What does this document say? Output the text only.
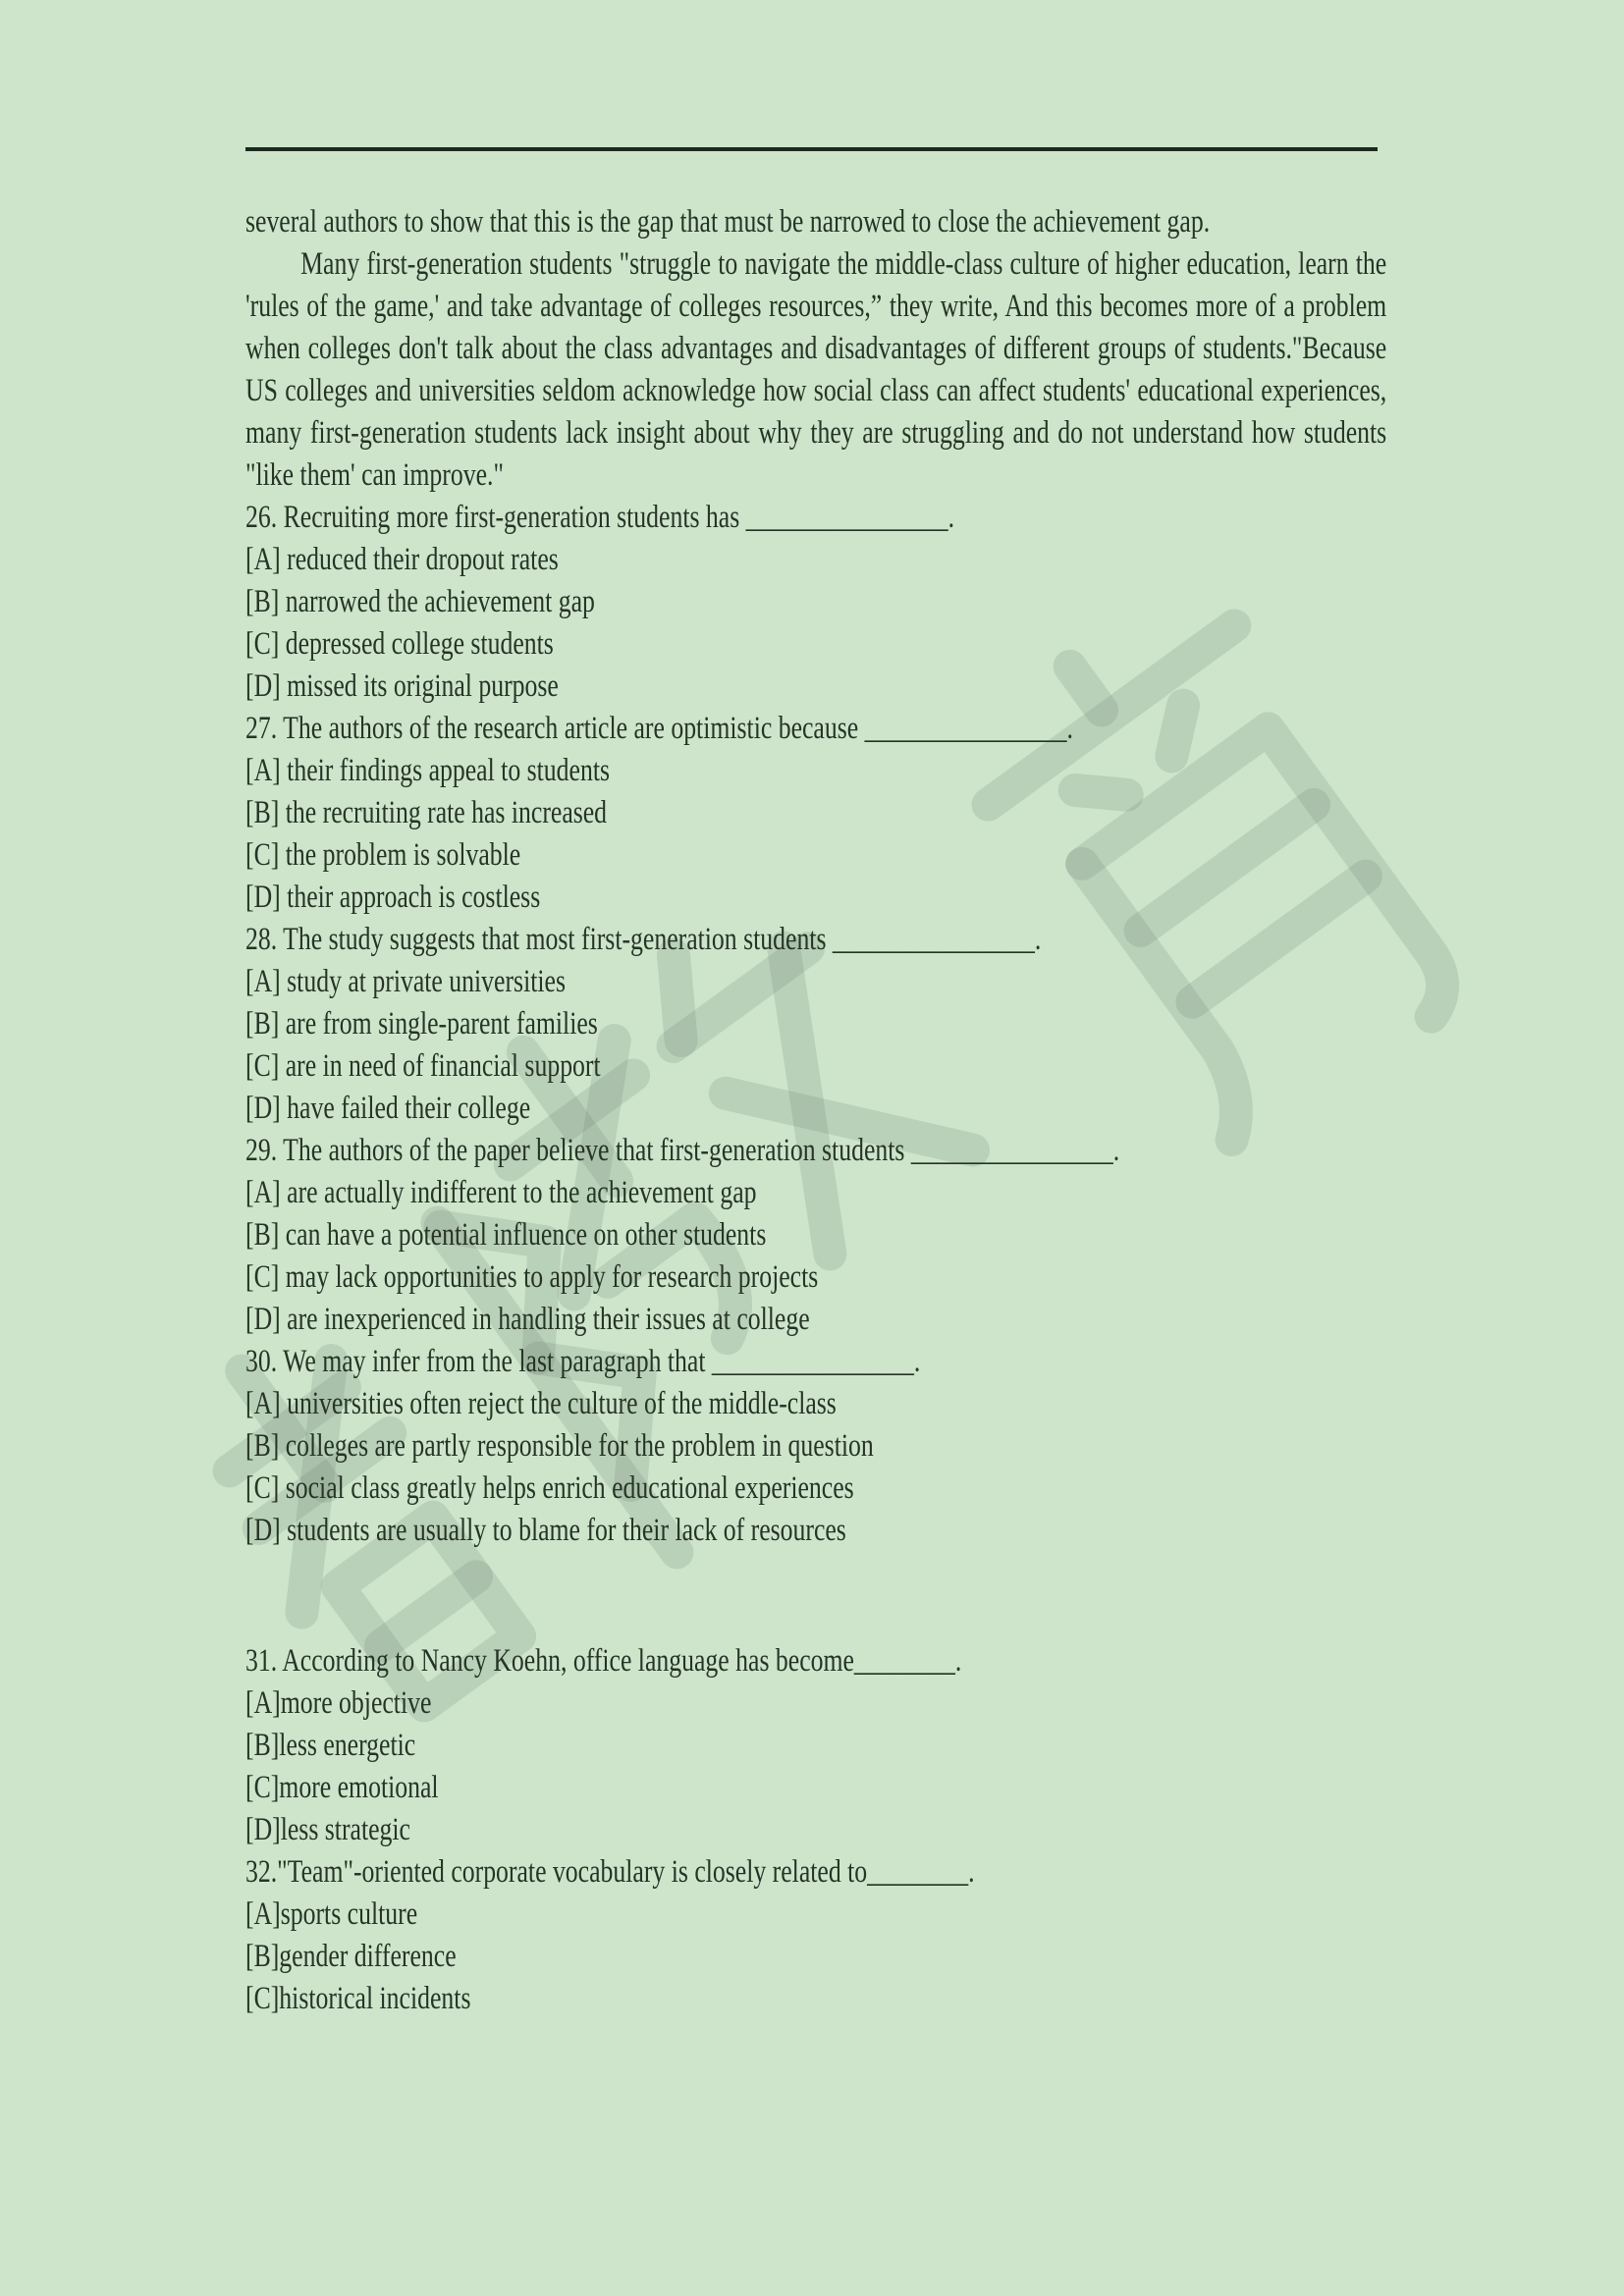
several authors to show that this is the gap that must be narrowed to close the achievement gap.

Many first-generation students "struggle to navigate the middle-class culture of higher education, learn the 'rules of the game,' and take advantage of colleges resources,” they write, And this becomes more of a problem when colleges don't talk about the class advantages and disadvantages of different groups of students."Because US colleges and universities seldom acknowledge how social class can affect students' educational experiences, many first-generation students lack insight about why they are struggling and do not understand how students "like them' can improve."

26. Recruiting more first-generation students has ________________.
[A] reduced their dropout rates
[B] narrowed the achievement gap
[C] depressed college students
[D] missed its original purpose
27. The authors of the research article are optimistic because ________________.
[A] their findings appeal to students
[B] the recruiting rate has increased
[C] the problem is solvable
[D] their approach is costless
28. The study suggests that most first-generation students ________________.
[A] study at private universities
[B] are from single-parent families
[C] are in need of financial support
[D] have failed their college
29. The authors of the paper believe that first-generation students ________________.
[A] are actually indifferent to the achievement gap
[B] can have a potential influence on other students
[C] may lack opportunities to apply for research projects
[D] are inexperienced in handling their issues at college
30. We may infer from the last paragraph that ________________.
[A] universities often reject the culture of the middle-class
[B] colleges are partly responsible for the problem in question
[C] social class greatly helps enrich educational experiences
[D] students are usually to blame for their lack of resources
31. According to Nancy Koehn, office language has become________.
[A]more objective
[B]less energetic
[C]more emotional
[D]less strategic
32."Team"-oriented corporate vocabulary is closely related to________.
[A]sports culture
[B]gender difference
[C]historical incidents
